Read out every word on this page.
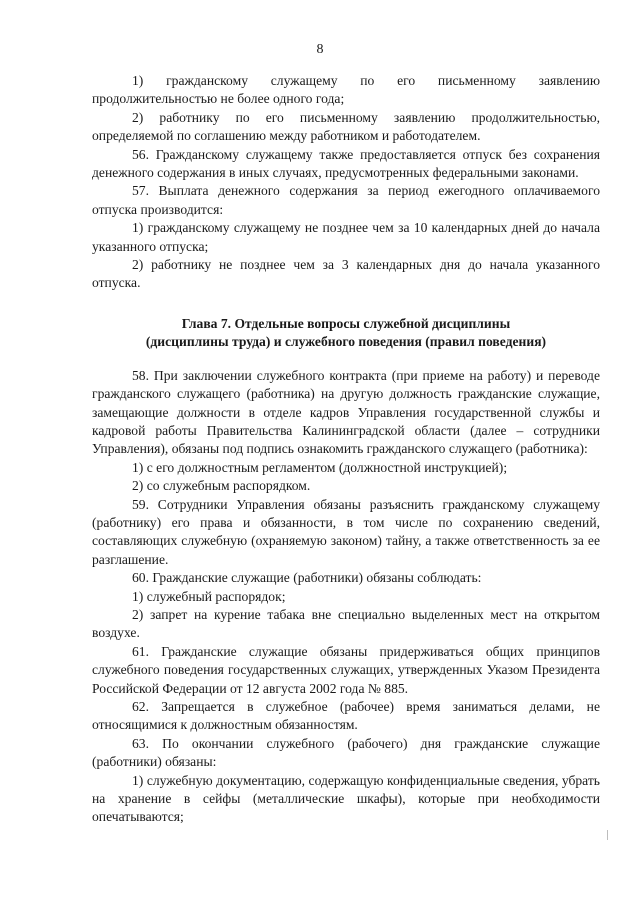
8

1) гражданскому служащему по его письменному заявлению продолжительностью не более одного года;

2) работнику по его письменному заявлению продолжительностью, определяемой по соглашению между работником и работодателем.

56. Гражданскому служащему также предоставляется отпуск без сохранения денежного содержания в иных случаях, предусмотренных федеральными законами.

57. Выплата денежного содержания за период ежегодного оплачиваемого отпуска производится:

1) гражданскому служащему не позднее чем за 10 календарных дней до начала указанного отпуска;

2) работнику не позднее чем за 3 календарных дня до начала указанного отпуска.

Глава 7. Отдельные вопросы служебной дисциплины
(дисциплины труда) и служебного поведения (правил поведения)

58. При заключении служебного контракта (при приеме на работу) и переводе гражданского служащего (работника) на другую должность гражданские служащие, замещающие должности в отделе кадров Управления государственной службы и кадровой работы Правительства Калининградской области (далее – сотрудники Управления), обязаны под подпись ознакомить гражданского служащего (работника):

1) с его должностным регламентом (должностной инструкцией);

2) со служебным распорядком.

59. Сотрудники Управления обязаны разъяснить гражданскому служащему (работнику) его права и обязанности, в том числе по сохранению сведений, составляющих служебную (охраняемую законом) тайну, а также ответственность за ее разглашение.

60. Гражданские служащие (работники) обязаны соблюдать:

1) служебный распорядок;

2) запрет на курение табака вне специально выделенных мест на открытом воздухе.

61. Гражданские служащие обязаны придерживаться общих принципов служебного поведения государственных служащих, утвержденных Указом Президента Российской Федерации от 12 августа 2002 года № 885.

62. Запрещается в служебное (рабочее) время заниматься делами, не относящимися к должностным обязанностям.

63. По окончании служебного (рабочего) дня гражданские служащие (работники) обязаны:

1) служебную документацию, содержащую конфиденциальные сведения, убрать на хранение в сейфы (металлические шкафы), которые при необходимости опечатываются;
